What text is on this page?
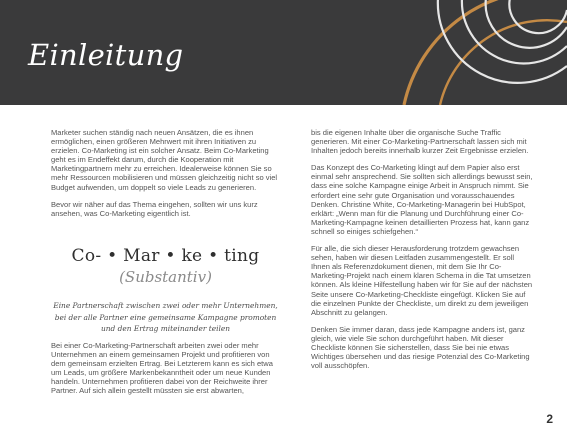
Einleitung

Marketer suchen ständig nach neuen Ansätzen, die es ihnen ermöglichen, einen größeren Mehrwert mit ihren Initiativen zu erzielen. Co-Marketing ist ein solcher Ansatz. Beim Co-Marketing geht es im Endeffekt darum, durch die Kooperation mit Marketingpartnern mehr zu erreichen. Idealerweise können Sie so mehr Ressourcen mobilisieren und müssen gleichzeitig nicht so viel Budget aufwenden, um doppelt so viele Leads zu generieren.

Bevor wir näher auf das Thema eingehen, sollten wir uns kurz ansehen, was Co-Marketing eigentlich ist.

Co- • Mar • ke • ting
(Substantiv)
Eine Partnerschaft zwischen zwei oder mehr Unternehmen, bei der alle Partner eine gemeinsame Kampagne promoten und den Ertrag miteinander teilen

Bei einer Co-Marketing-Partnerschaft arbeiten zwei oder mehr Unternehmen an einem gemeinsamen Projekt und profitieren von dem gemeinsam erzielten Ertrag. Bei Letzterem kann es sich etwa um Leads, um größere Markenbekanntheit oder um neue Kunden handeln. Unternehmen profitieren dabei von der Reichweite ihrer Partner. Auf sich allein gestellt müssten sie erst abwarten,

bis die eigenen Inhalte über die organische Suche Traffic generieren. Mit einer Co-Marketing-Partnerschaft lassen sich mit Inhalten jedoch bereits innerhalb kurzer Zeit Ergebnisse erzielen.

Das Konzept des Co-Marketing klingt auf dem Papier also erst einmal sehr ansprechend. Sie sollten sich allerdings bewusst sein, dass eine solche Kampagne einige Arbeit in Anspruch nimmt. Sie erfordert eine sehr gute Organisation und vorausschauendes Denken. Christine White, Co-Marketing-Managerin bei HubSpot, erklärt: „Wenn man für die Planung und Durchführung einer Co-Marketing-Kampagne keinen detaillierten Prozess hat, kann ganz schnell so einiges schiefgehen.“

Für alle, die sich dieser Herausforderung trotzdem gewachsen sehen, haben wir diesen Leitfaden zusammengestellt. Er soll Ihnen als Referenzdokument dienen, mit dem Sie Ihr Co-Marketing-Projekt nach einem klaren Schema in die Tat umsetzen können. Als kleine Hilfestellung haben wir für Sie auf der nächsten Seite unsere Co-Marketing-Checkliste eingefügt. Klicken Sie auf die einzelnen Punkte der Checkliste, um direkt zu dem jeweiligen Abschnitt zu gelangen.

Denken Sie immer daran, dass jede Kampagne anders ist, ganz gleich, wie viele Sie schon durchgeführt haben. Mit dieser Checkliste können Sie sicherstellen, dass Sie bei nie etwas Wichtiges übersehen und das riesige Potenzial des Co-Marketing voll ausschöpfen.

2
